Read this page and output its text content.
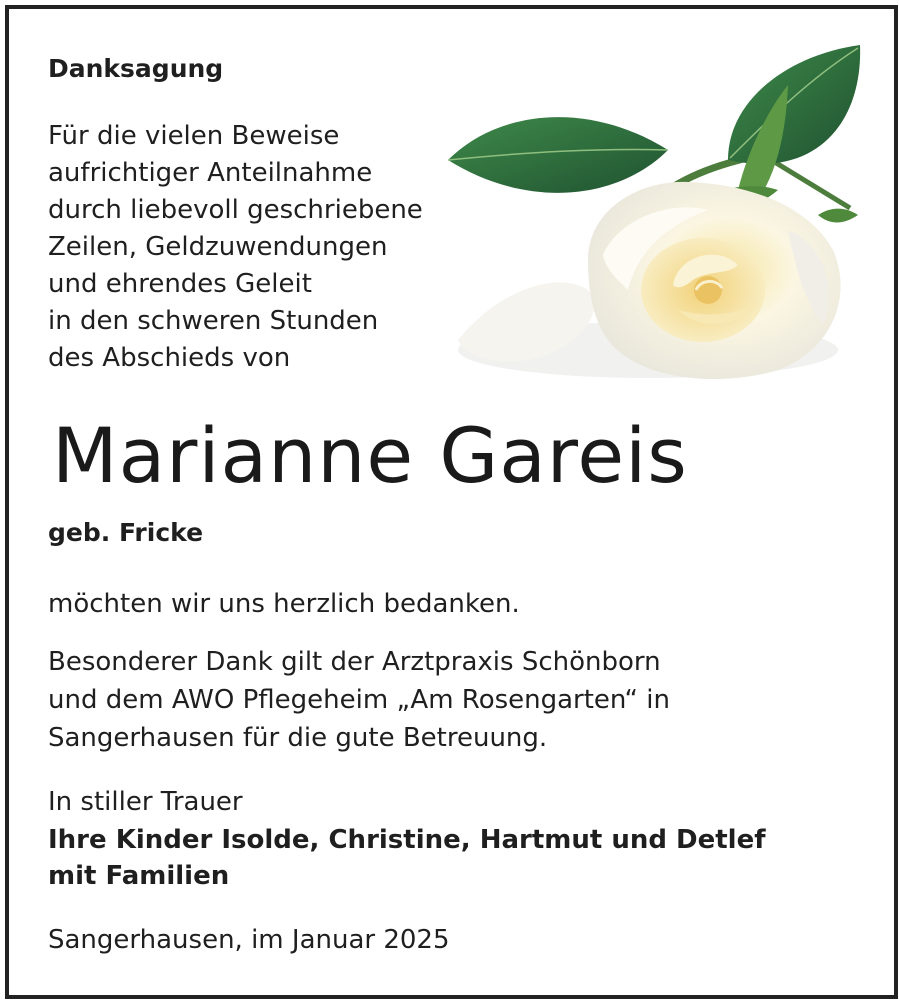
Danksagung
Für die vielen Beweise
aufrichtiger Anteilnahme
durch liebevoll geschriebene
Zeilen, Geldzuwendungen
und ehrendes Geleit
in den schweren Stunden
des Abschieds von
Marianne Gareis
geb. Fricke
möchten wir uns herzlich bedanken.
Besonderer Dank gilt der Arztpraxis Schönborn
und dem AWO Pflegeheim „Am Rosengarten“ in
Sangerhausen für die gute Betreuung.
In stiller Trauer
Ihre Kinder Isolde, Christine, Hartmut und Detlef
mit Familien
Sangerhausen, im Januar 2025
